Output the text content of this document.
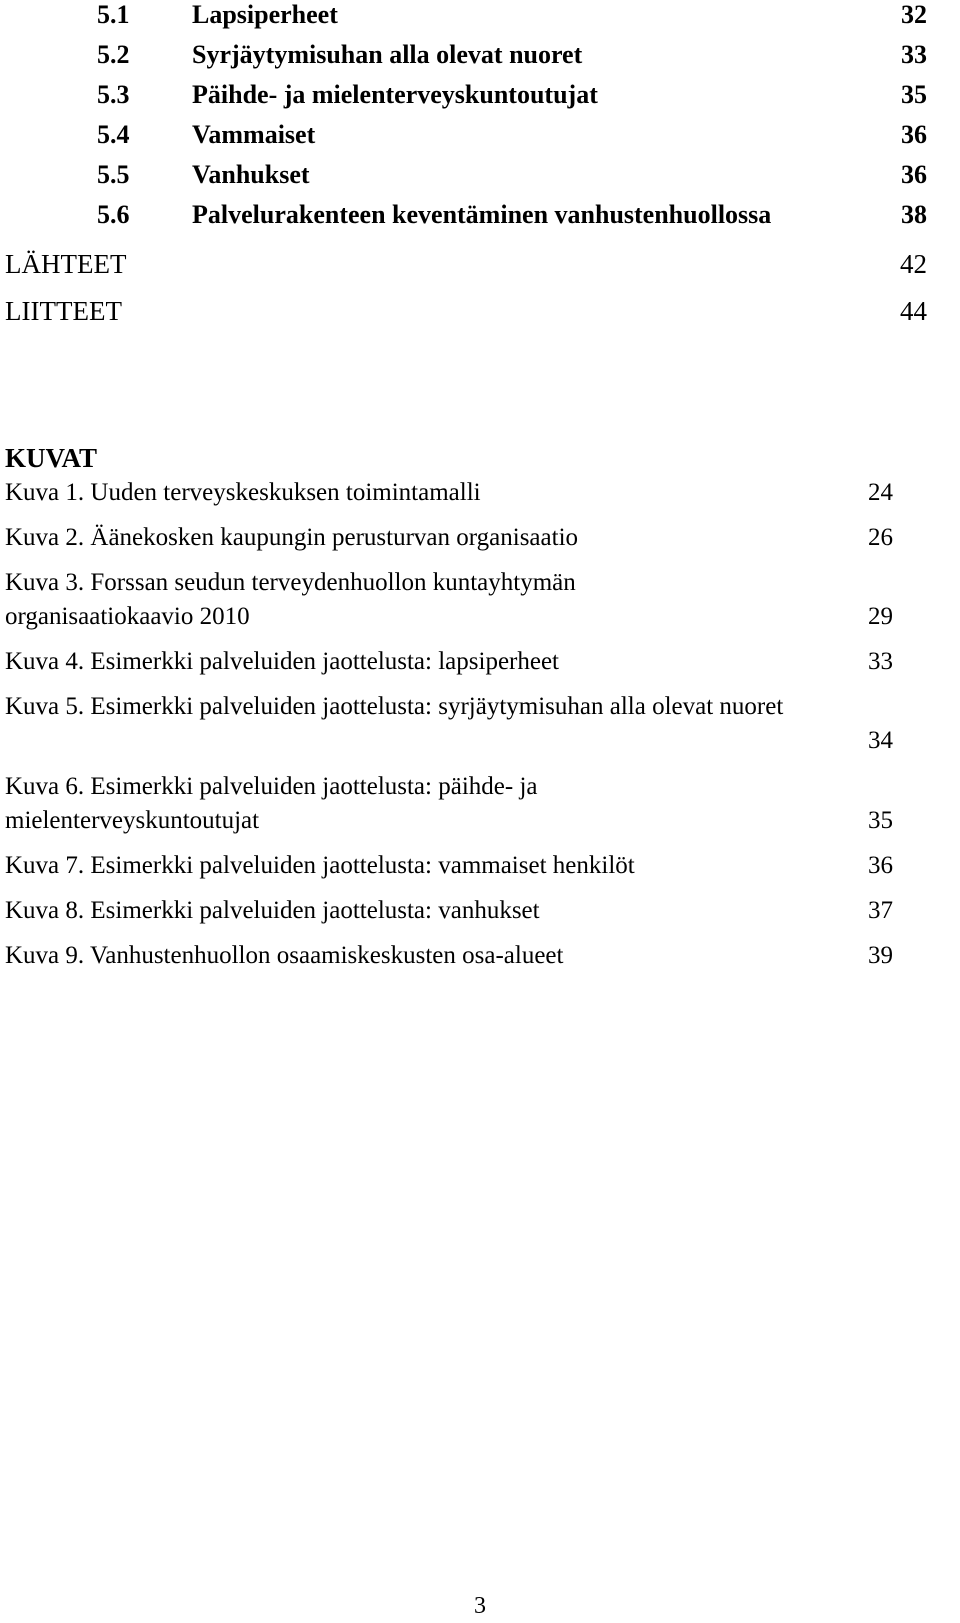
5.1 Lapsiperheet	32
5.2 Syrjäytymisuhan alla olevat nuoret	33
5.3 Päihde- ja mielenterveyskuntoutujat	35
5.4 Vammaiset	36
5.5 Vanhukset	36
5.6 Palvelurakenteen keventäminen vanhustenhuollossa	38
LÄHTEET	42
LIITTEET	44
KUVAT
Kuva 1. Uuden terveyskeskuksen toimintamalli	24
Kuva 2. Äänekosken kaupungin perusturvan organisaatio	26
Kuva 3. Forssan seudun terveydenhuollon kuntayhtymän organisaatiokaavio 2010	29
Kuva 4. Esimerkki palveluiden jaottelusta: lapsiperheet	33
Kuva 5. Esimerkki palveluiden jaottelusta: syrjäytymisuhan alla olevat nuoret
34
Kuva 6. Esimerkki palveluiden jaottelusta: päihde- ja mielenterveyskuntoutujat	35
Kuva 7. Esimerkki palveluiden jaottelusta: vammaiset henkilöt	36
Kuva 8. Esimerkki palveluiden jaottelusta: vanhukset	37
Kuva 9. Vanhustenhuollon osaamiskeskusten osa-alueet	39
3
